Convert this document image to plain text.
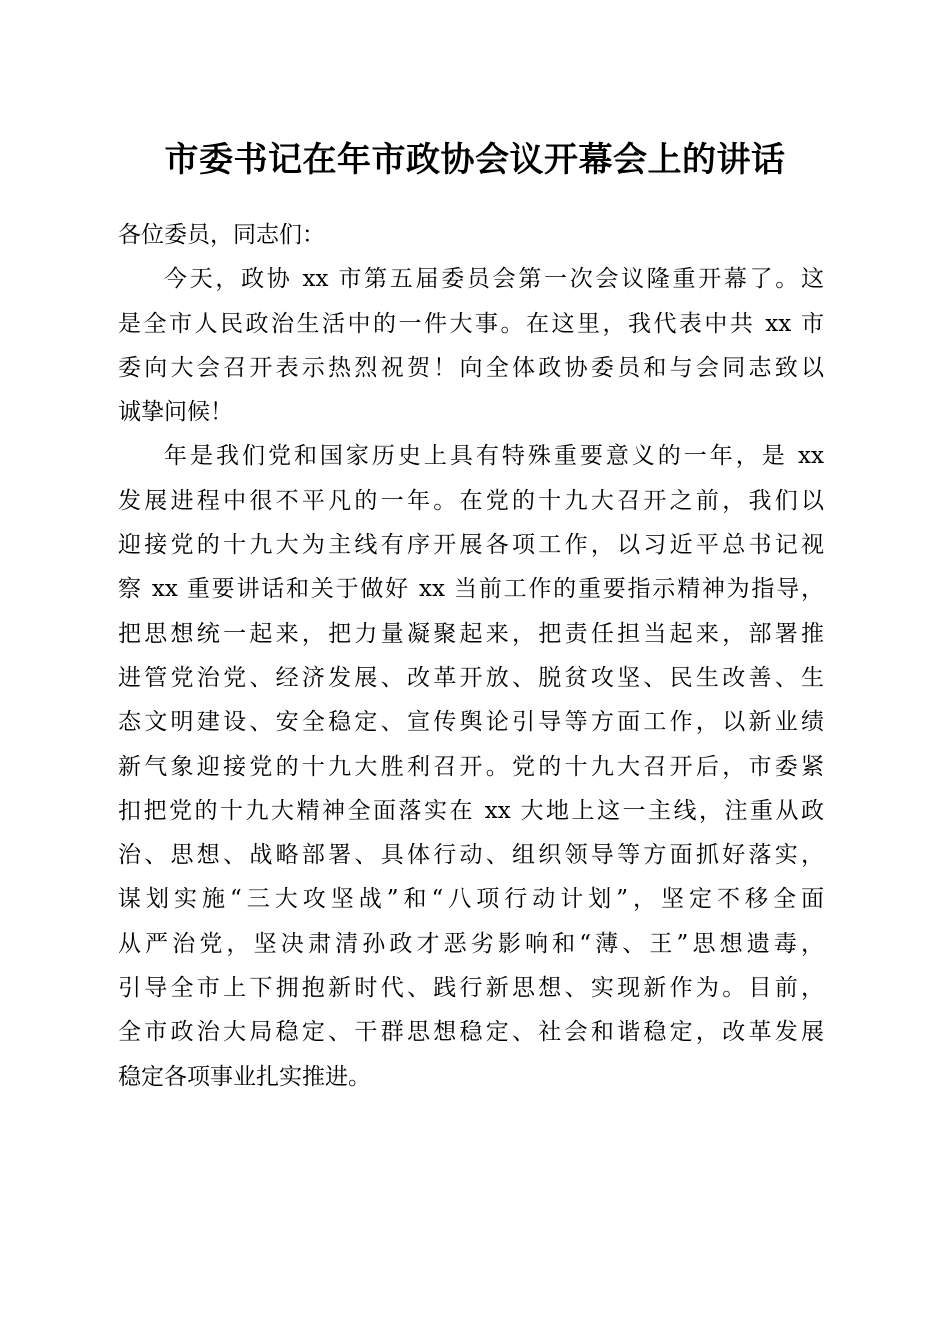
市委书记在年市政协会议开幕会上的讲话
各位委员，同志们：
今天，政协 xx 市第五届委员会第一次会议隆重开幕了。这
是全市人民政治生活中的一件大事。在这里，我代表中共 xx 市
委向大会召开表示热烈祝贺！向全体政协委员和与会同志致以
诚挚问候！
年是我们党和国家历史上具有特殊重要意义的一年，是 xx
发展进程中很不平凡的一年。在党的十九大召开之前，我们以
迎接党的十九大为主线有序开展各项工作，以习近平总书记视
察 xx 重要讲话和关于做好 xx 当前工作的重要指示精神为指导，
把思想统一起来，把力量凝聚起来，把责任担当起来，部署推
进管党治党、经济发展、改革开放、脱贫攻坚、民生改善、生
态文明建设、安全稳定、宣传舆论引导等方面工作，以新业绩
新气象迎接党的十九大胜利召开。党的十九大召开后，市委紧
扣把党的十九大精神全面落实在 xx 大地上这一主线，注重从政
治、思想、战略部署、具体行动、组织领导等方面抓好落实，
谋划实施“三大攻坚战”和“八项行动计划”，坚定不移全面
从严治党，坚决肃清孙政才恶劣影响和“薄、王”思想遗毒，
引导全市上下拥抱新时代、践行新思想、实现新作为。目前，
全市政治大局稳定、干群思想稳定、社会和谐稳定，改革发展
稳定各项事业扎实推进。
